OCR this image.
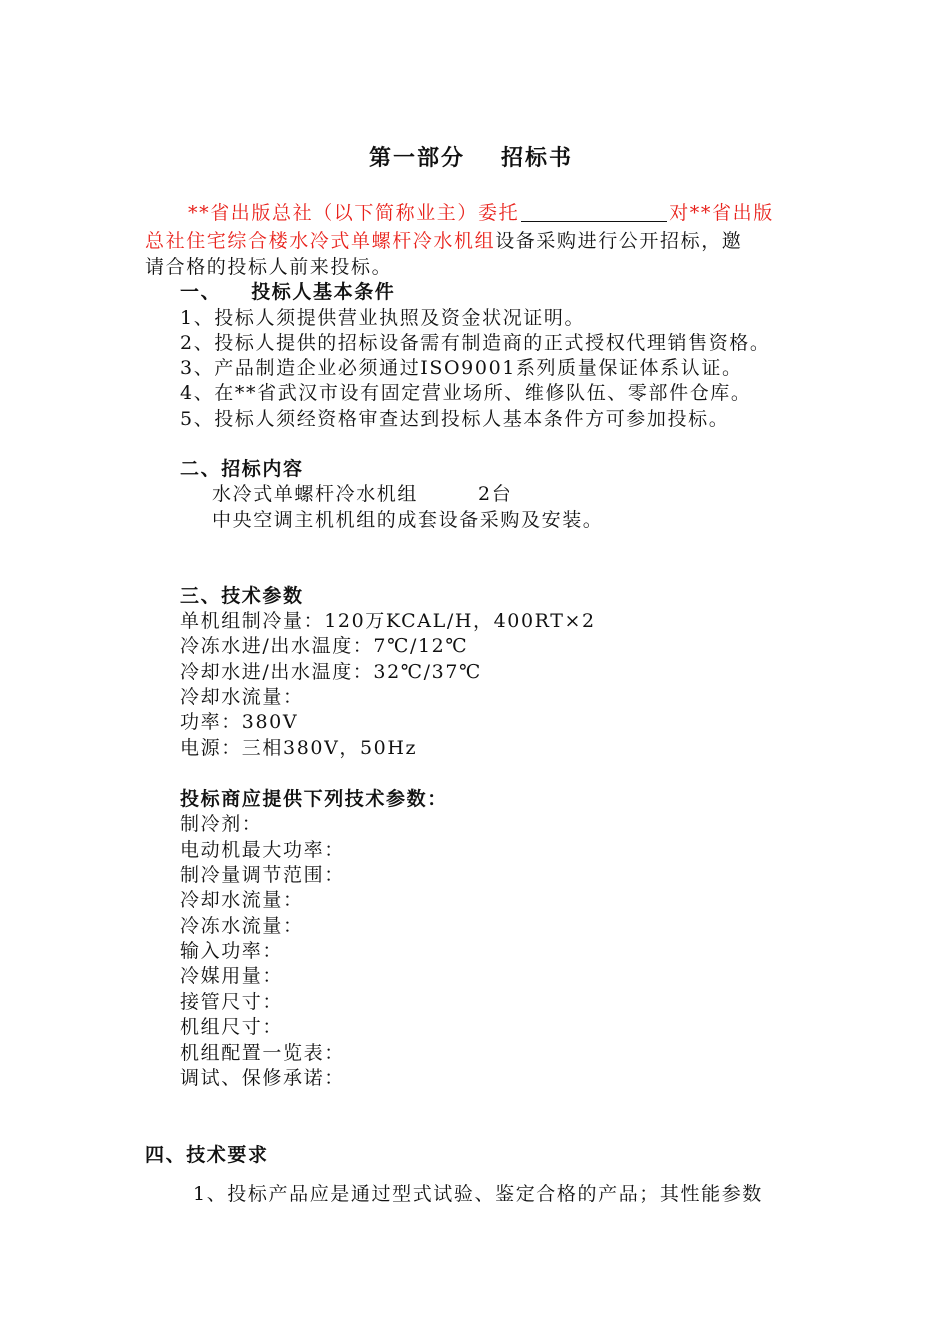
第一部分 招标书
**省出版总社（以下简称业主）委托	对**省出版
总社住宅综合楼水冷式单螺杆冷水机组设备采购进行公开招标，邀
请合格的投标人前来投标。
一、 投标人基本条件
1、投标人须提供营业执照及资金状况证明。
2、投标人提供的招标设备需有制造商的正式授权代理销售资格。
3、产品制造企业必须通过ISO9001系列质量保证体系认证。
4、在**省武汉市设有固定营业场所、维修队伍、零部件仓库。
5、投标人须经资格审查达到投标人基本条件方可参加投标。
二、招标内容
水冷式单螺杆冷水机组	2台
中央空调主机机组的成套设备采购及安装。
三、技术参数
单机组制冷量：120万KCAL/H，400RT×2
冷冻水进/出水温度：7℃/12℃
冷却水进/出水温度：32℃/37℃
冷却水流量：
功率：380V
电源：三相380V，50Hz
投标商应提供下列技术参数：
制冷剂：
电动机最大功率：
制冷量调节范围：
冷却水流量：
冷冻水流量：
输入功率：
冷媒用量：
接管尺寸：
机组尺寸：
机组配置一览表：
调试、保修承诺：
四、技术要求
1、投标产品应是通过型式试验、鉴定合格的产品；其性能参数
